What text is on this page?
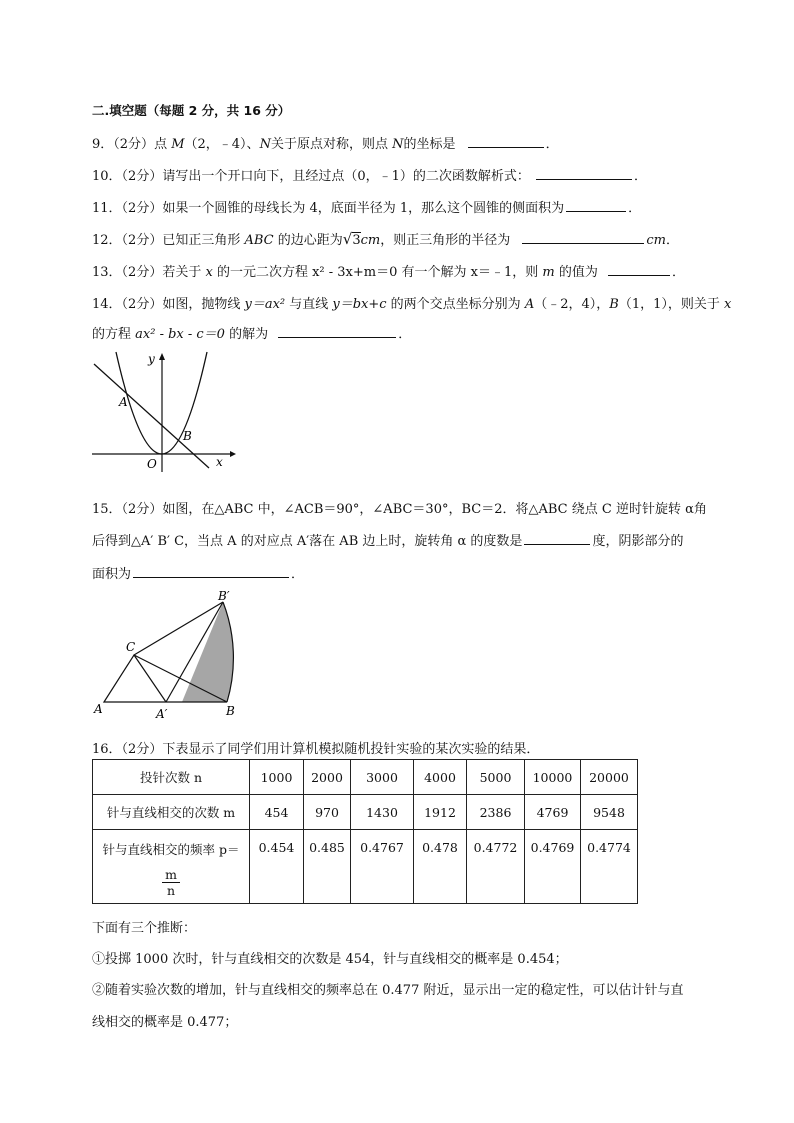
二.填空题（每题 2 分，共 16 分）
9．（2分）点 M（2，﹣4）、N关于原点对称，则点 N的坐标是	．
10．（2分）请写出一个开口向下，且经过点（0，﹣1）的二次函数解析式：	．
11．（2分）如果一个圆锥的母线长为 4，底面半径为 1，那么这个圆锥的侧面积为	．
12．（2分）已知正三角形 ABC 的边心距为√3cm，则正三角形的半径为	cm．
13．（2分）若关于 x 的一元二次方程 x² - 3x+m＝0 有一个解为 x＝﹣1，则 m 的值为	．
14．（2分）如图，抛物线 y＝ax² 与直线 y＝bx+c 的两个交点坐标分别为 A（﹣2，4），B（1，1），则关于 x
的方程 ax² - bx - c＝0 的解为	．
y
x
O
A
B
15．（2分）如图，在△ABC 中，∠ACB＝90°，∠ABC＝30°，BC＝2．将△ABC 绕点 C 逆时针旋转 α角
后得到△A′ B′ C，当点 A 的对应点 A′落在 AB 边上时，旋转角 α 的度数是	度，阴影部分的
面积为	．
B′
C
A	A′	B
16．（2分）下表显示了同学们用计算机模拟随机投针实验的某次实验的结果．
投针次数 n	1000	2000	3000	4000	5000	10000	20000
针与直线相交的次数 m	454	970	1430	1912	2386	4769	9548

针与直线相交的频率 p＝
$\frac{m}{n}$	0.454	0.485	0.4767	0.478	0.4772	0.4769	0.4774
下面有三个推断：
①投掷 1000 次时，针与直线相交的次数是 454，针与直线相交的概率是 0.454；
②随着实验次数的增加，针与直线相交的频率总在 0.477 附近，显示出一定的稳定性，可以估计针与直
线相交的概率是 0.477；
